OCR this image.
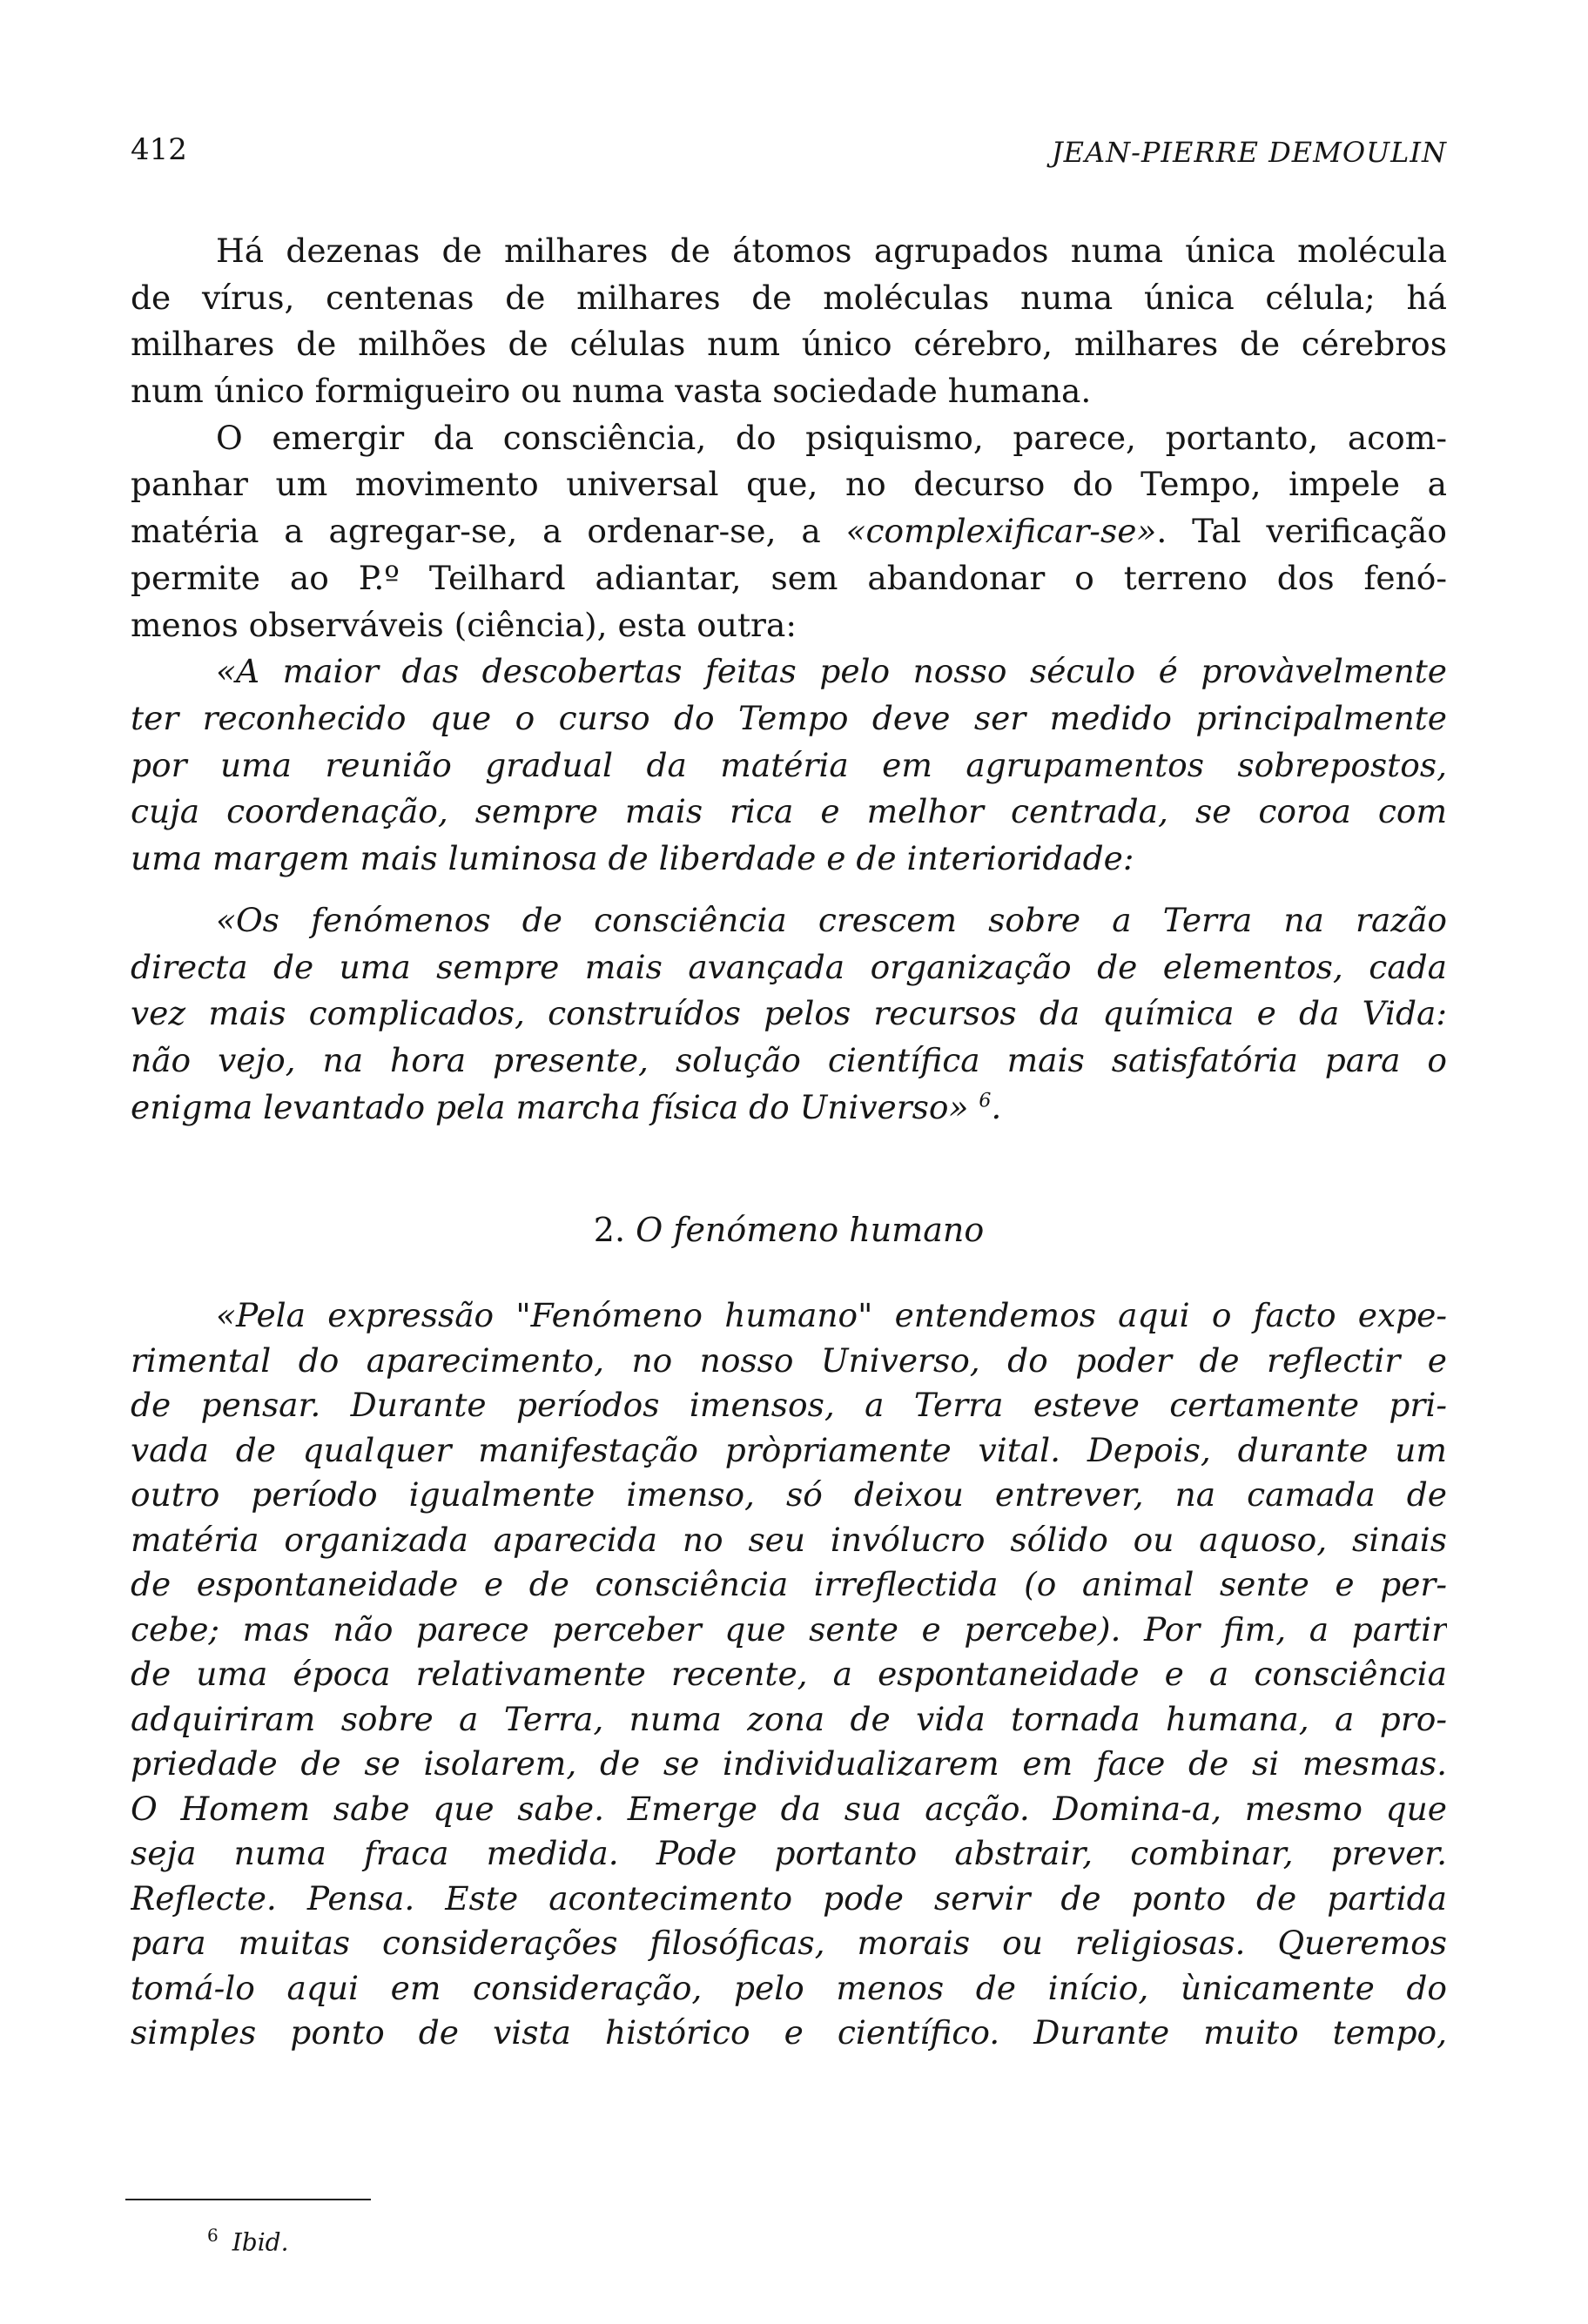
412	JEAN-PIERRE DEMOULIN
Há dezenas de milhares de átomos agrupados numa única molécula
de vírus, centenas de milhares de moléculas numa única célula; há
milhares de milhões de células num único cérebro, milhares de cérebros
num único formigueiro ou numa vasta sociedade humana.
O emergir da consciência, do psiquismo, parece, portanto, acom-
panhar um movimento universal que, no decurso do Tempo, impele a
matéria a agregar-se, a ordenar-se, a «complexificar-se». Tal verificação
permite ao P.º Teilhard adiantar, sem abandonar o terreno dos fenó-
menos observáveis (ciência), esta outra:
«A maior das descobertas feitas pelo nosso século é provàvelmente
ter reconhecido que o curso do Tempo deve ser medido principalmente
por uma reunião gradual da matéria em agrupamentos sobrepostos,
cuja coordenação, sempre mais rica e melhor centrada, se coroa com
uma margem mais luminosa de liberdade e de interioridade:
«Os fenómenos de consciência crescem sobre a Terra na razão
directa de uma sempre mais avançada organização de elementos, cada
vez mais complicados, construídos pelos recursos da química e da Vida:
não vejo, na hora presente, solução científica mais satisfatória para o
enigma levantado pela marcha física do Universo» $^6$.
2. O fenómeno humano
«Pela expressão "Fenómeno humano" entendemos aqui o facto expe-
rimental do aparecimento, no nosso Universo, do poder de reflectir e
de pensar. Durante períodos imensos, a Terra esteve certamente pri-
vada de qualquer manifestação pròpriamente vital. Depois, durante um
outro período igualmente imenso, só deixou entrever, na camada de
matéria organizada aparecida no seu invólucro sólido ou aquoso, sinais
de espontaneidade e de consciência irreflectida (o animal sente e per-
cebe; mas não parece perceber que sente e percebe). Por fim, a partir
de uma época relativamente recente, a espontaneidade e a consciência
adquiriram sobre a Terra, numa zona de vida tornada humana, a pro-
priedade de se isolarem, de se individualizarem em face de si mesmas.
O Homem sabe que sabe. Emerge da sua acção. Domina-a, mesmo que
seja numa fraca medida. Pode portanto abstrair, combinar, prever.
Reflecte. Pensa. Este acontecimento pode servir de ponto de partida
para muitas considerações filosóficas, morais ou religiosas. Queremos
tomá-lo aqui em consideração, pelo menos de início, ùnicamente do
simples ponto de vista histórico e científico. Durante muito tempo,
$^6$ Ibid.
